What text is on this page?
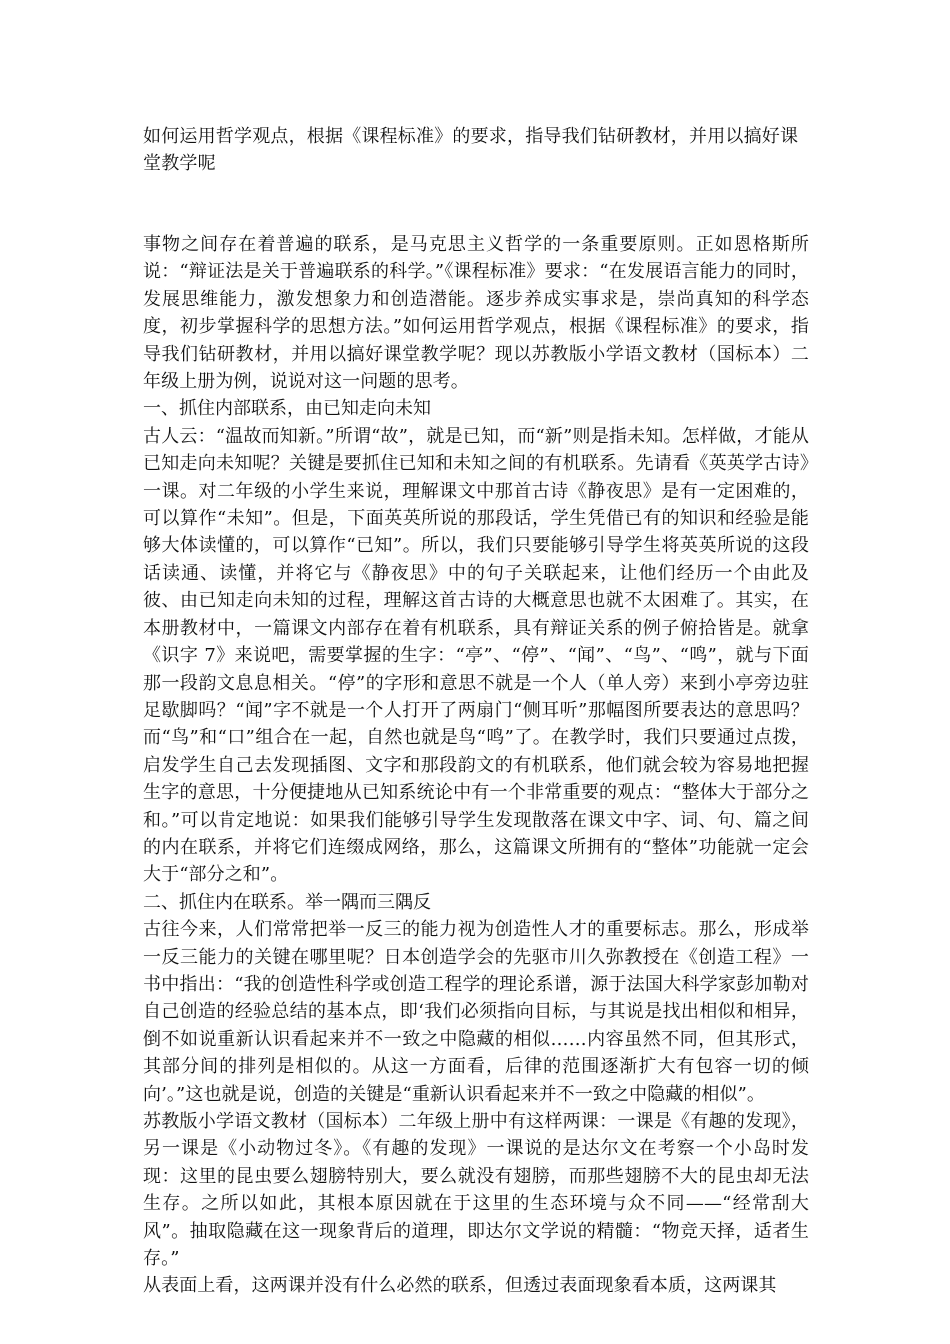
如何运用哲学观点，根据《课程标准》的要求，指导我们钻研教材，并用以搞好课堂教学呢

事物之间存在着普遍的联系，是马克思主义哲学的一条重要原则。正如恩格斯所说：“辩证法是关于普遍联系的科学。”《课程标准》要求：“在发展语言能力的同时，发展思维能力，激发想象力和创造潜能。逐步养成实事求是，崇尚真知的科学态度，初步掌握科学的思想方法。”如何运用哲学观点，根据《课程标准》的要求，指导我们钻研教材，并用以搞好课堂教学呢？现以苏教版小学语文教材（国标本）二年级上册为例，说说对这一问题的思考。

一、抓住内部联系，由已知走向未知

古人云：“温故而知新。”所谓“故”，就是已知，而“新”则是指未知。怎样做，才能从已知走向未知呢？关键是要抓住已知和未知之间的有机联系。先请看《英英学古诗》一课。对二年级的小学生来说，理解课文中那首古诗《静夜思》是有一定困难的，可以算作“未知”。但是，下面英英所说的那段话，学生凭借已有的知识和经验是能够大体读懂的，可以算作“已知”。所以，我们只要能够引导学生将英英所说的这段话读通、读懂，并将它与《静夜思》中的句子关联起来，让他们经历一个由此及彼、由已知走向未知的过程，理解这首古诗的大概意思也就不太困难了。其实，在本册教材中，一篇课文内部存在着有机联系，具有辩证关系的例子俯拾皆是。就拿《识字 7》来说吧，需要掌握的生字：“亭”、“停”、“闻”、“鸟”、“鸣”，就与下面那一段韵文息息相关。“停”的字形和意思不就是一个人（单人旁）来到小亭旁边驻足歇脚吗？“闻”字不就是一个人打开了两扇门“侧耳听”那幅图所要表达的意思吗？而“鸟”和“口”组合在一起，自然也就是鸟“鸣”了。在教学时，我们只要通过点拨，启发学生自己去发现插图、文字和那段韵文的有机联系，他们就会较为容易地把握生字的意思，十分便捷地从已知系统论中有一个非常重要的观点：“整体大于部分之和。”可以肯定地说：如果我们能够引导学生发现散落在课文中字、词、句、篇之间的内在联系，并将它们连缀成网络，那么，这篇课文所拥有的“整体”功能就一定会大于“部分之和”。

二、抓住内在联系。举一隅而三隅反

古往今来，人们常常把举一反三的能力视为创造性人才的重要标志。那么，形成举一反三能力的关键在哪里呢？日本创造学会的先驱市川久弥教授在《创造工程》一书中指出：“我的创造性科学或创造工程学的理论系谱，源于法国大科学家彭加勒对自己创造的经验总结的基本点，即‘我们必须指向目标，与其说是找出相似和相异，倒不如说重新认识看起来并不一致之中隐藏的相似……内容虽然不同，但其形式，其部分间的排列是相似的。从这一方面看，后律的范围逐渐扩大有包容一切的倾向’。”这也就是说，创造的关键是“重新认识看起来并不一致之中隐藏的相似”。

苏教版小学语文教材（国标本）二年级上册中有这样两课：一课是《有趣的发现》，另一课是《小动物过冬》。《有趣的发现》一课说的是达尔文在考察一个小岛时发现：这里的昆虫要么翅膀特别大，要么就没有翅膀，而那些翅膀不大的昆虫却无法生存。之所以如此，其根本原因就在于这里的生态环境与众不同——“经常刮大风”。抽取隐藏在这一现象背后的道理，即达尔文学说的精髓：“物竞天择，适者生存。”

从表面上看，这两课并没有什么必然的联系，但透过表面现象看本质，这两课其
